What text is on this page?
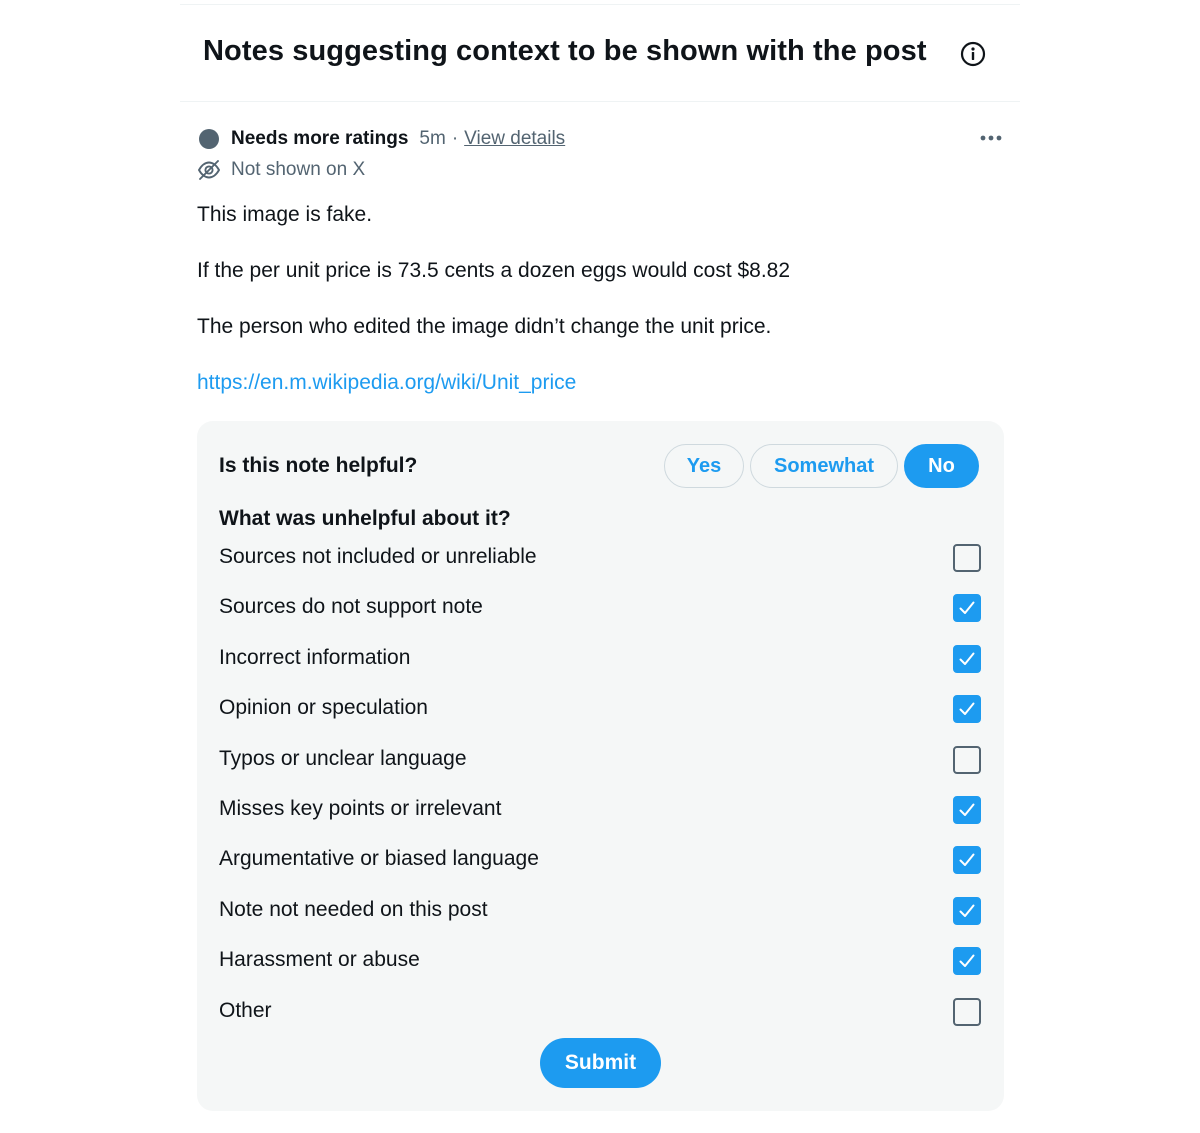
Notes suggesting context to be shown with the post
Needs more ratings 5m · View details
Not shown on X
This image is fake.
If the per unit price is 73.5 cents a dozen eggs would cost $8.82
The person who edited the image didn’t change the unit price.
https://en.m.wikipedia.org/wiki/Unit_price
Is this note helpful?	Yes	Somewhat	No
What was unhelpful about it?
Sources not included or unreliable
Sources do not support note
Incorrect information
Opinion or speculation
Typos or unclear language
Misses key points or irrelevant
Argumentative or biased language
Note not needed on this post
Harassment or abuse
Other
Submit
